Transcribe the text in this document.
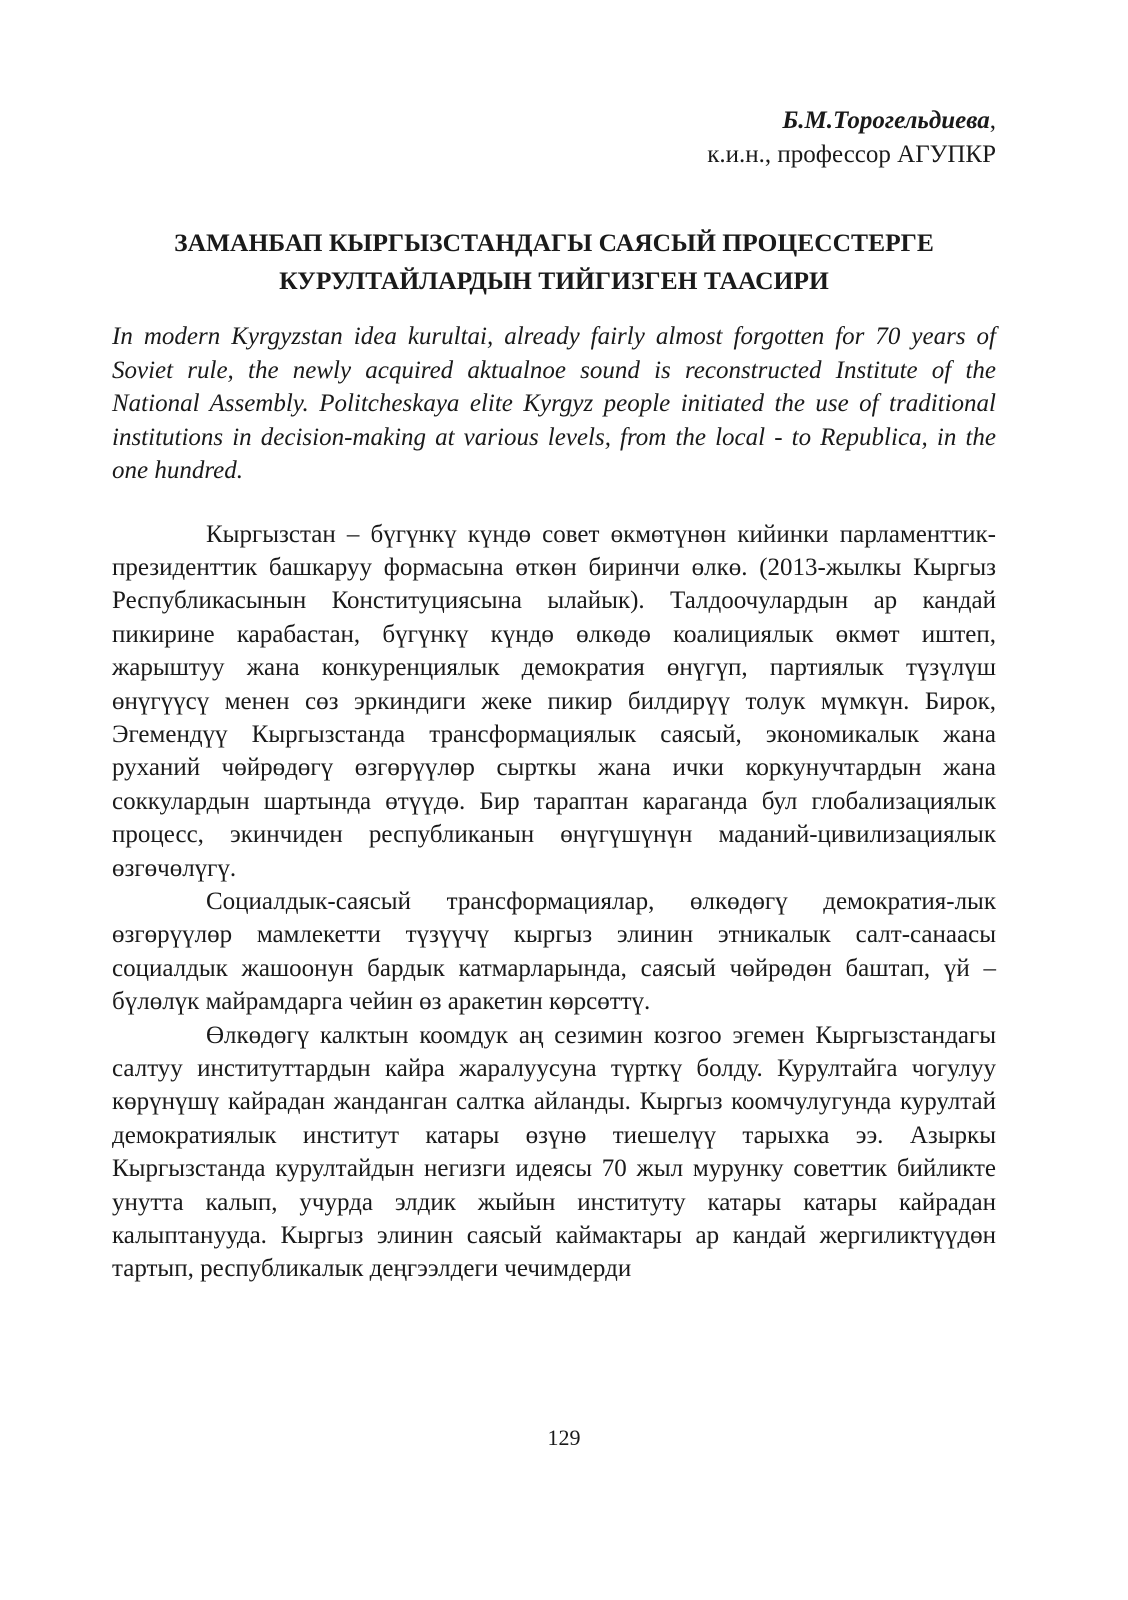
Б.М.Торогельдиева,
к.и.н., профессор АГУПКР
ЗАМАНБАП КЫРГЫЗСТАНДАГЫ САЯСЫЙ ПРОЦЕССТЕРГЕ
КУРУЛТАЙЛАРДЫН ТИЙГИЗГЕН ТААСИРИ
In modern Kyrgyzstan idea kurultai, already fairly almost forgotten for 70 years of Soviet rule, the newly acquired aktualnoe sound is reconstructed Institute of the National Assembly. Politcheskaya elite Kyrgyz people initiated the use of traditional institutions in decision-making at various levels, from the local - to Republica, in the one hundred.

Кыргызстан – бүгүнкү күндө совет өкмөтүнөн кийинки парламенттик-президенттик башкаруу формасына өткөн биринчи өлкө. (2013-жылкы Кыргыз Республикасынын Конституциясына ылайык). Талдоочулардын ар кандай пикирине карабастан, бүгүнкү күндө өлкөдө коалициялык өкмөт иштеп, жарыштуу жана конкуренциялык демократия өнүгүп, партиялык түзүлүш өнүгүүсү менен сөз эркиндиги жеке пикир билдирүү толук мүмкүн. Бирок, Эгемендүү Кыргызстанда трансформациялык саясый, экономикалык жана руханий чөйрөдөгү өзгөрүүлөр сырткы жана ички коркунучтардын жана соккулардын шартында өтүүдө. Бир тараптан караганда бул глобализациялык процесс, экинчиден республиканын өнүгүшүнүн маданий-цивилизациялык өзгөчөлүгү.

Социалдык-саясый трансформациялар, өлкөдөгү демократия-лык өзгөрүүлөр мамлекетти түзүүчү кыргыз элинин этникалык салт-санаасы социалдык жашоонун бардык катмарларында, саясый чөйрөдөн баштап, үй – бүлөлүк майрамдарга чейин өз аракетин көрсөттү.

Өлкөдөгү калктын коомдук аң сезимин козгоо эгемен Кыргызстандагы салтуу институттардын кайра жаралуусуна түрткү болду. Курултайга чогулуу көрүнүшү кайрадан жанданган салтка айланды. Кыргыз коомчулугунда курултай демократиялык институт катары өзүнө тиешелүү тарыхка ээ. Азыркы Кыргызстанда курултайдын негизги идеясы 70 жыл мурунку советтик бийликте унутта калып, учурда элдик жыйын институту катары катары кайрадан калыптанууда. Кыргыз элинин саясый каймактары ар кандай жергиликтүүдөн тартып, республикалык деңгээлдеги чечимдерди

129
